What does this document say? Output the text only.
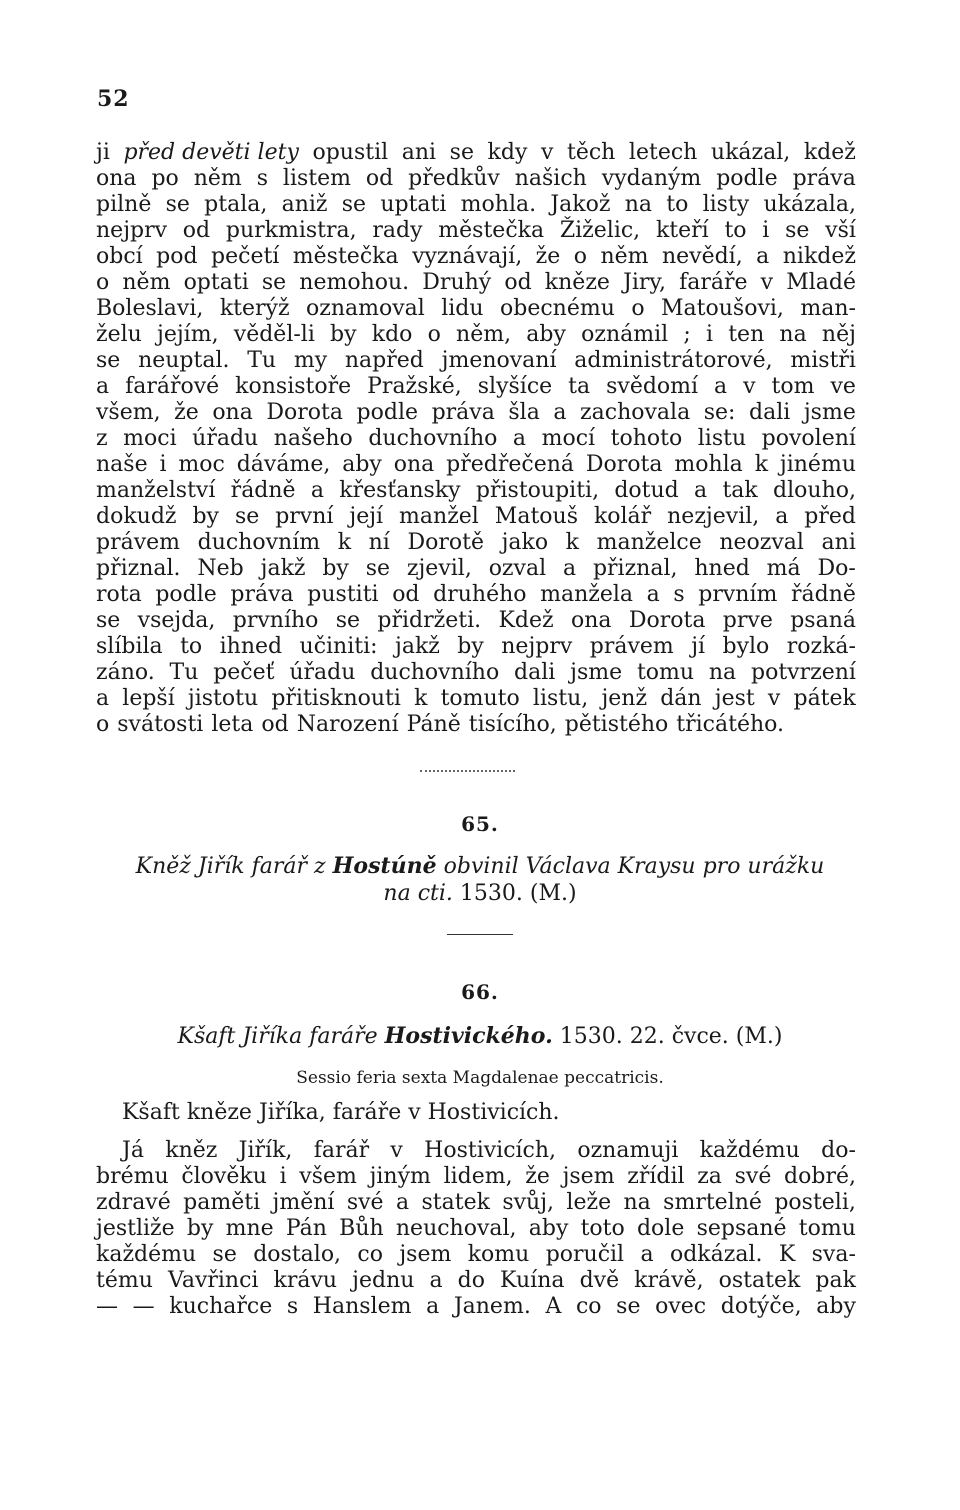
52
ji před devěti lety opustil ani se kdy v těch letech ukázal, kdež
ona po něm s listem od předkův našich vydaným podle práva
pilně se ptala, aniž se uptati mohla. Jakož na to listy ukázala,
nejprv od purkmistra, rady městečka Žiželic, kteří to i se vší
obcí pod pečetí městečka vyznávají, že o něm nevědí, a nikdež
o něm optati se nemohou. Druhý od kněze Jiry, faráře v Mladé
Boleslavi, kterýž oznamoval lidu obecnému o Matoušovi, man-
želu jejím, věděl-li by kdo o něm, aby oznámil ; i ten na něj
se neuptal. Tu my napřed jmenovaní administrátorové, mistři
a farářové konsistoře Pražské, slyšíce ta svědomí a v tom ve
všem, že ona Dorota podle práva šla a zachovala se: dali jsme
z moci úřadu našeho duchovního a mocí tohoto listu povolení
naše i moc dáváme, aby ona předřečená Dorota mohla k jinému
manželství řádně a křesťansky přistoupiti, dotud a tak dlouho,
dokudž by se první její manžel Matouš kolář nezjevil, a před
právem duchovním k ní Dorotě jako k manželce neozval ani
přiznal. Neb jakž by se zjevil, ozval a přiznal, hned má Do-
rota podle práva pustiti od druhého manžela a s prvním řádně
se vsejda, prvního se přidržeti. Kdež ona Dorota prve psaná
slíbila to ihned učiniti: jakž by nejprv právem jí bylo rozká-
záno. Tu pečeť úřadu duchovního dali jsme tomu na potvrzení
a lepší jistotu přitisknouti k tomuto listu, jenž dán jest v pátek
o svátosti leta od Narození Páně tisícího, pětistého třicátého.
65.
Kněž Jiřík farář z Hostúně obvinil Václava Kraysu pro urážku
na cti. 1530. (M.)
66.
Kšaft Jiříka faráře Hostivického. 1530. 22. čvce. (M.)
Sessio feria sexta Magdalenae peccatricis.
Kšaft kněze Jiříka, faráře v Hostivicích.
Já kněz Jiřík, farář v Hostivicích, oznamuji každému do-
brému člověku i všem jiným lidem, že jsem zřídil za své dobré,
zdravé paměti jmění své a statek svůj, leže na smrtelné posteli,
jestliže by mne Pán Bůh neuchoval, aby toto dole sepsané tomu
každému se dostalo, co jsem komu poručil a odkázal. K sva-
tému Vavřinci krávu jednu a do Kuína dvě krávě, ostatek pak
— — kuchařce s Hanslem a Janem. A co se ovec dotýče, aby
